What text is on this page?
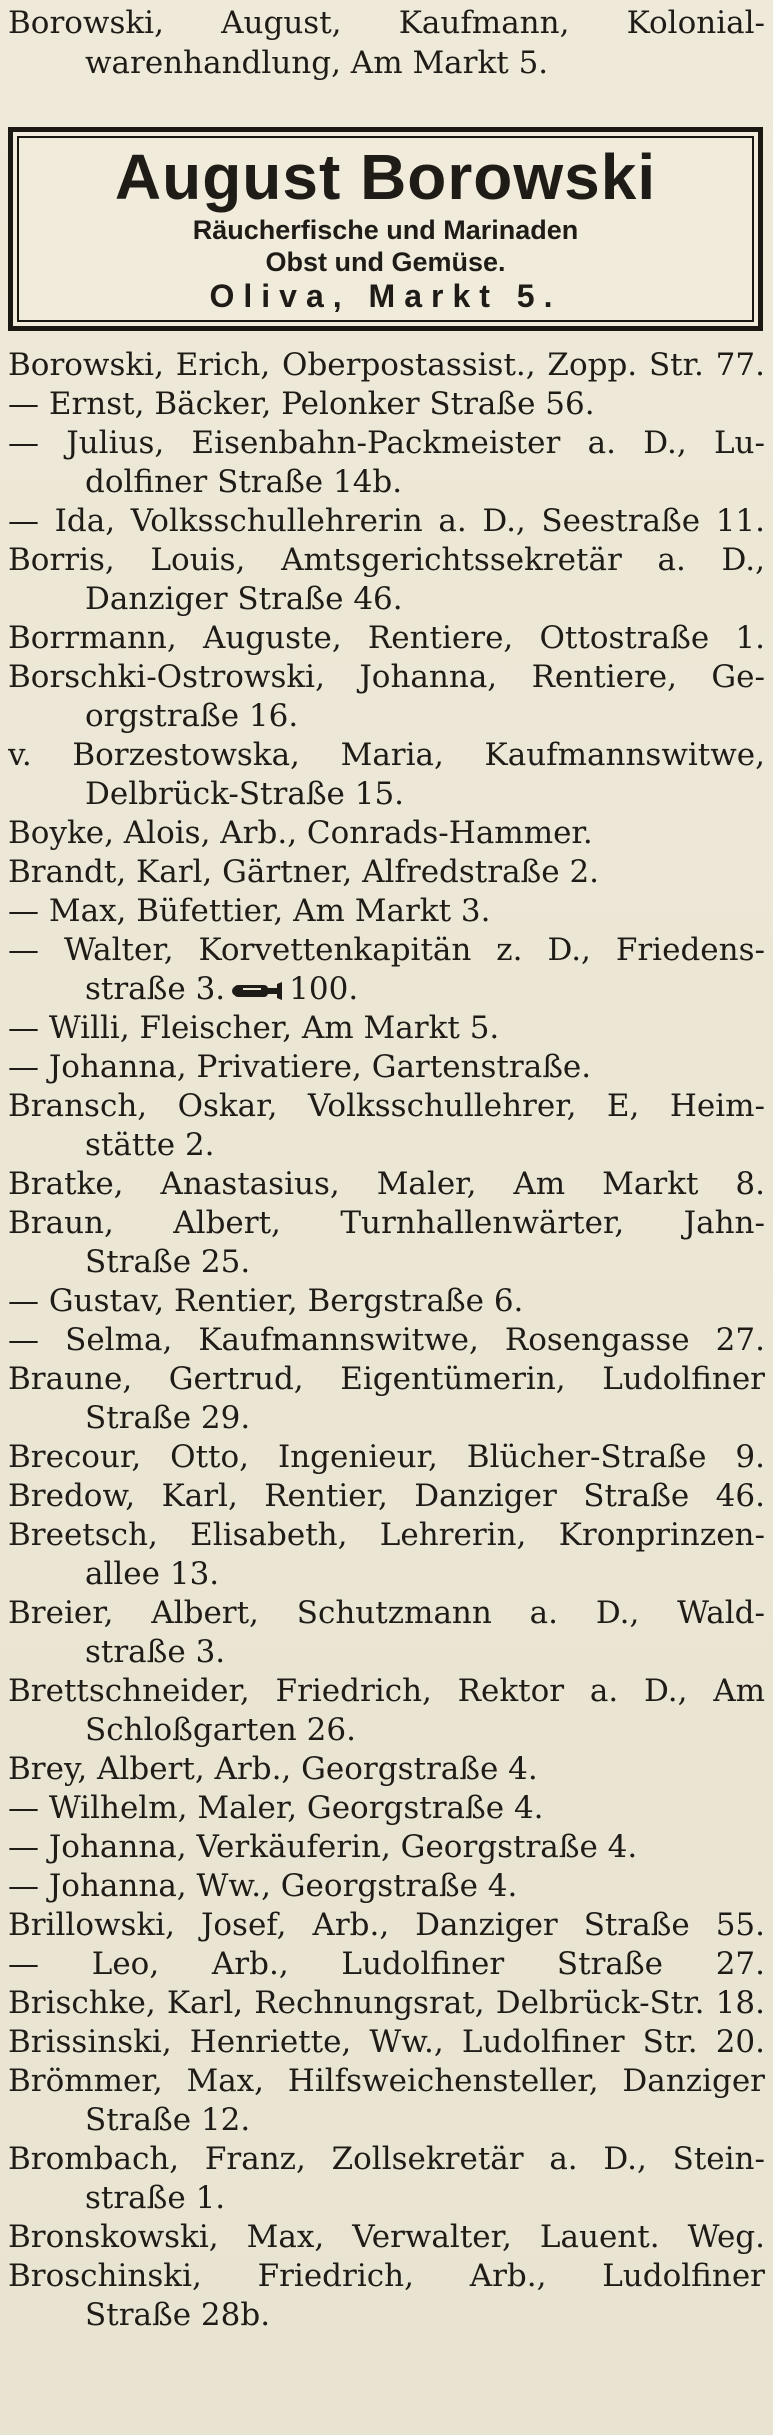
Borowski, August, Kaufmann, Kolonial-
warenhandlung, Am Markt 5.
August Borowski
Räucherfische und Marinaden
Obst und Gemüse.
Oliva, Markt 5.
Borowski, Erich, Oberpostassist., Zopp. Str. 77.
— Ernst, Bäcker, Pelonker Straße 56.
— Julius, Eisenbahn-Packmeister a. D., Lu-
dolfiner Straße 14b.
— Ida, Volksschullehrerin a. D., Seestraße 11.
Borris, Louis, Amtsgerichtssekretär a. D.,
Danziger Straße 46.
Borrmann, Auguste, Rentiere, Ottostraße 1.
Borschki-Ostrowski, Johanna, Rentiere, Ge-
orgstraße 16.
v. Borzestowska, Maria, Kaufmannswitwe,
Delbrück-Straße 15.
Boyke, Alois, Arb., Conrads-Hammer.
Brandt, Karl, Gärtner, Alfredstraße 2.
— Max, Büfettier, Am Markt 3.
— Walter, Korvettenkapitän z. D., Friedens-
straße 3. 100.
— Willi, Fleischer, Am Markt 5.
— Johanna, Privatiere, Gartenstraße.
Bransch, Oskar, Volksschullehrer, E, Heim-
stätte 2.
Bratke, Anastasius, Maler, Am Markt 8.
Braun, Albert, Turnhallenwärter, Jahn-
Straße 25.
— Gustav, Rentier, Bergstraße 6.
— Selma, Kaufmannswitwe, Rosengasse 27.
Braune, Gertrud, Eigentümerin, Ludolfiner
Straße 29.
Brecour, Otto, Ingenieur, Blücher-Straße 9.
Bredow, Karl, Rentier, Danziger Straße 46.
Breetsch, Elisabeth, Lehrerin, Kronprinzen-
allee 13.
Breier, Albert, Schutzmann a. D., Wald-
straße 3.
Brettschneider, Friedrich, Rektor a. D., Am
Schloßgarten 26.
Brey, Albert, Arb., Georgstraße 4.
— Wilhelm, Maler, Georgstraße 4.
— Johanna, Verkäuferin, Georgstraße 4.
— Johanna, Ww., Georgstraße 4.
Brillowski, Josef, Arb., Danziger Straße 55.
— Leo, Arb., Ludolfiner Straße 27.
Brischke, Karl, Rechnungsrat, Delbrück-Str. 18.
Brissinski, Henriette, Ww., Ludolfiner Str. 20.
Brömmer, Max, Hilfsweichensteller, Danziger
Straße 12.
Brombach, Franz, Zollsekretär a. D., Stein-
straße 1.
Bronskowski, Max, Verwalter, Lauent. Weg.
Broschinski, Friedrich, Arb., Ludolfiner
Straße 28b.
